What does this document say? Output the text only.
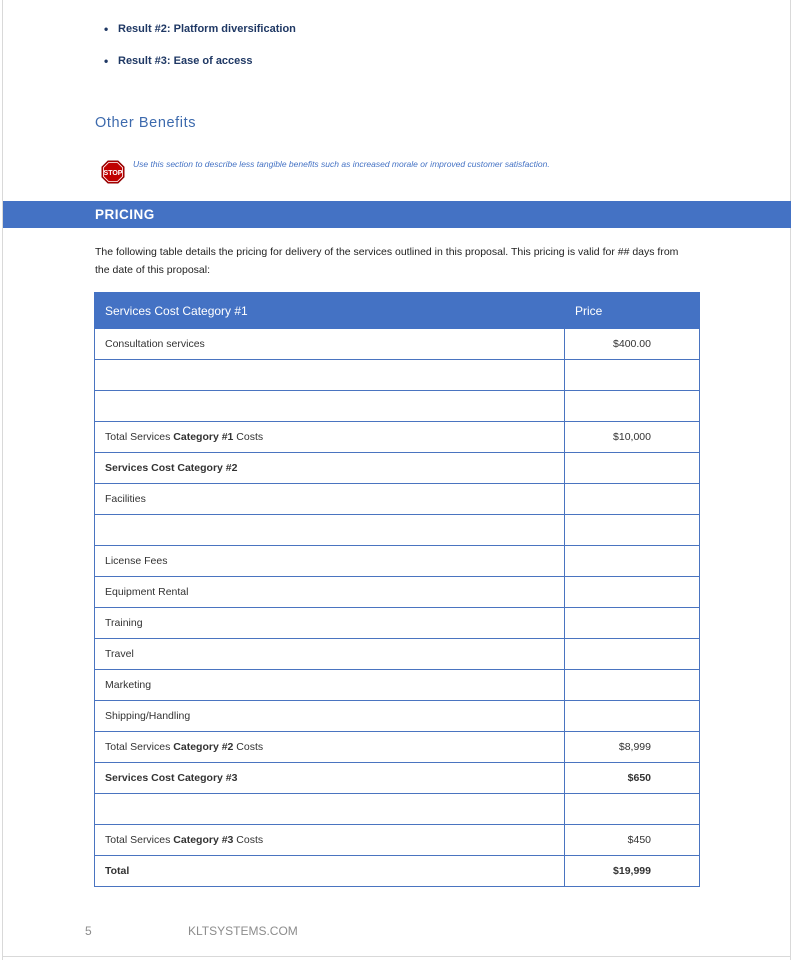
• Result #2: Platform diversification
• Result #3: Ease of access
Other Benefits
STOP
Use this section to describe less tangible benefits such as increased morale or improved customer satisfaction.
PRICING

The following table details the pricing for delivery of the services outlined in this proposal. This pricing is valid for ## days from the date of this proposal:

Services Cost Category #1	Price
Consultation services	$400.00

Total Services Category #1 Costs	$10,000
Services Cost Category #2	
Facilities	

License Fees	
Equipment Rental	
Training	
Travel	
Marketing	
Shipping/Handling	
Total Services Category #2 Costs	$8,999
Services Cost Category #3	$650

Total Services Category #3 Costs	$450
Total	$19,999
5	KLTSYSTEMS.COM
